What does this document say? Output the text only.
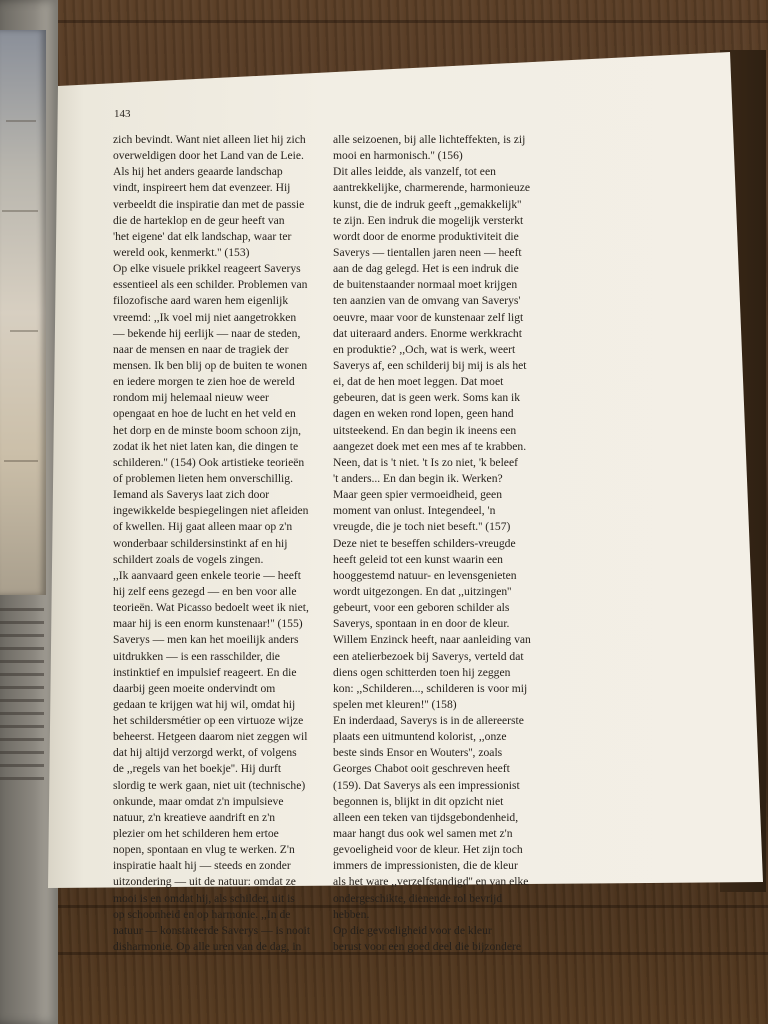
143
zich bevindt. Want niet alleen liet hij zich
overweldigen door het Land van de Leie.
Als hij het anders geaarde landschap
vindt, inspireert hem dat evenzeer. Hij
verbeeldt die inspiratie dan met de passie
die de harteklop en de geur heeft van
'het eigene' dat elk landschap, waar ter
wereld ook, kenmerkt.'' (153)
Op elke visuele prikkel reageert Saverys
essentieel als een schilder. Problemen van
filozofische aard waren hem eigenlijk
vreemd: ,,Ik voel mij niet aangetrokken
— bekende hij eerlijk — naar de steden,
naar de mensen en naar de tragiek der
mensen. Ik ben blij op de buiten te wonen
en iedere morgen te zien hoe de wereld
rondom mij helemaal nieuw weer
opengaat en hoe de lucht en het veld en
het dorp en de minste boom schoon zijn,
zodat ik het niet laten kan, die dingen te
schilderen.'' (154) Ook artistieke teorieën
of problemen lieten hem onverschillig.
Iemand als Saverys laat zich door
ingewikkelde bespiegelingen niet afleiden
of kwellen. Hij gaat alleen maar op z'n
wonderbaar schildersinstinkt af en hij
schildert zoals de vogels zingen.
,,Ik aanvaard geen enkele teorie — heeft
hij zelf eens gezegd — en ben voor alle
teorieën. Wat Picasso bedoelt weet ik niet,
maar hij is een enorm kunstenaar!'' (155)
Saverys — men kan het moeilijk anders
uitdrukken — is een rasschilder, die
instinktief en impulsief reageert. En die
daarbij geen moeite ondervindt om
gedaan te krijgen wat hij wil, omdat hij
het schildersmétier op een virtuoze wijze
beheerst. Hetgeen daarom niet zeggen wil
dat hij altijd verzorgd werkt, of volgens
de ,,regels van het boekje''. Hij durft
slordig te werk gaan, niet uit (technische)
onkunde, maar omdat z'n impulsieve
natuur, z'n kreatieve aandrift en z'n
plezier om het schilderen hem ertoe
nopen, spontaan en vlug te werken. Z'n
inspiratie haalt hij — steeds en zonder
uitzondering — uit de natuur: omdat ze
mooi is en omdat hij, als schilder, uit is
op schoonheid en op harmonie. ,,In de
natuur — konstateerde Saverys — is nooit
disharmonie. Op alle uren van de dag, in
alle seizoenen, bij alle lichteffekten, is zij
mooi en harmonisch.'' (156)
Dit alles leidde, als vanzelf, tot een
aantrekkelijke, charmerende, harmonieuze
kunst, die de indruk geeft ,,gemakkelijk''
te zijn. Een indruk die mogelijk versterkt
wordt door de enorme produktiviteit die
Saverys — tientallen jaren neen — heeft
aan de dag gelegd. Het is een indruk die
de buitenstaander normaal moet krijgen
ten aanzien van de omvang van Saverys'
oeuvre, maar voor de kunstenaar zelf ligt
dat uiteraard anders. Enorme werkkracht
en produktie? ,,Och, wat is werk, weert
Saverys af, een schilderij bij mij is als het
ei, dat de hen moet leggen. Dat moet
gebeuren, dat is geen werk. Soms kan ik
dagen en weken rond lopen, geen hand
uitsteekend. En dan begin ik ineens een
aangezet doek met een mes af te krabben.
Neen, dat is 't niet. 't Is zo niet, 'k beleef
't anders... En dan begin ik. Werken?
Maar geen spier vermoeidheid, geen
moment van onlust. Integendeel, 'n
vreugde, die je toch niet beseft.'' (157)
Deze niet te beseffen schilders-vreugde
heeft geleid tot een kunst waarin een
hooggestemd natuur- en levensgenieten
wordt uitgezongen. En dat ,,uitzingen''
gebeurt, voor een geboren schilder als
Saverys, spontaan in en door de kleur.
Willem Enzinck heeft, naar aanleiding van
een atelierbezoek bij Saverys, verteld dat
diens ogen schitterden toen hij zeggen
kon: ,,Schilderen..., schilderen is voor mij
spelen met kleuren!'' (158)
En inderdaad, Saverys is in de allereerste
plaats een uitmuntend kolorist, ,,onze
beste sinds Ensor en Wouters'', zoals
Georges Chabot ooit geschreven heeft
(159). Dat Saverys als een impressionist
begonnen is, blijkt in dit opzicht niet
alleen een teken van tijdsgebondenheid,
maar hangt dus ook wel samen met z'n
gevoeligheid voor de kleur. Het zijn toch
immers de impressionisten, die de kleur
als het ware ,,verzelfstandigd'' en van elke
ondergeschikte, dienende rol bevrijd
hebben.
Op die gevoeligheid voor de kleur
berust voor een goed deel die bijzondere
